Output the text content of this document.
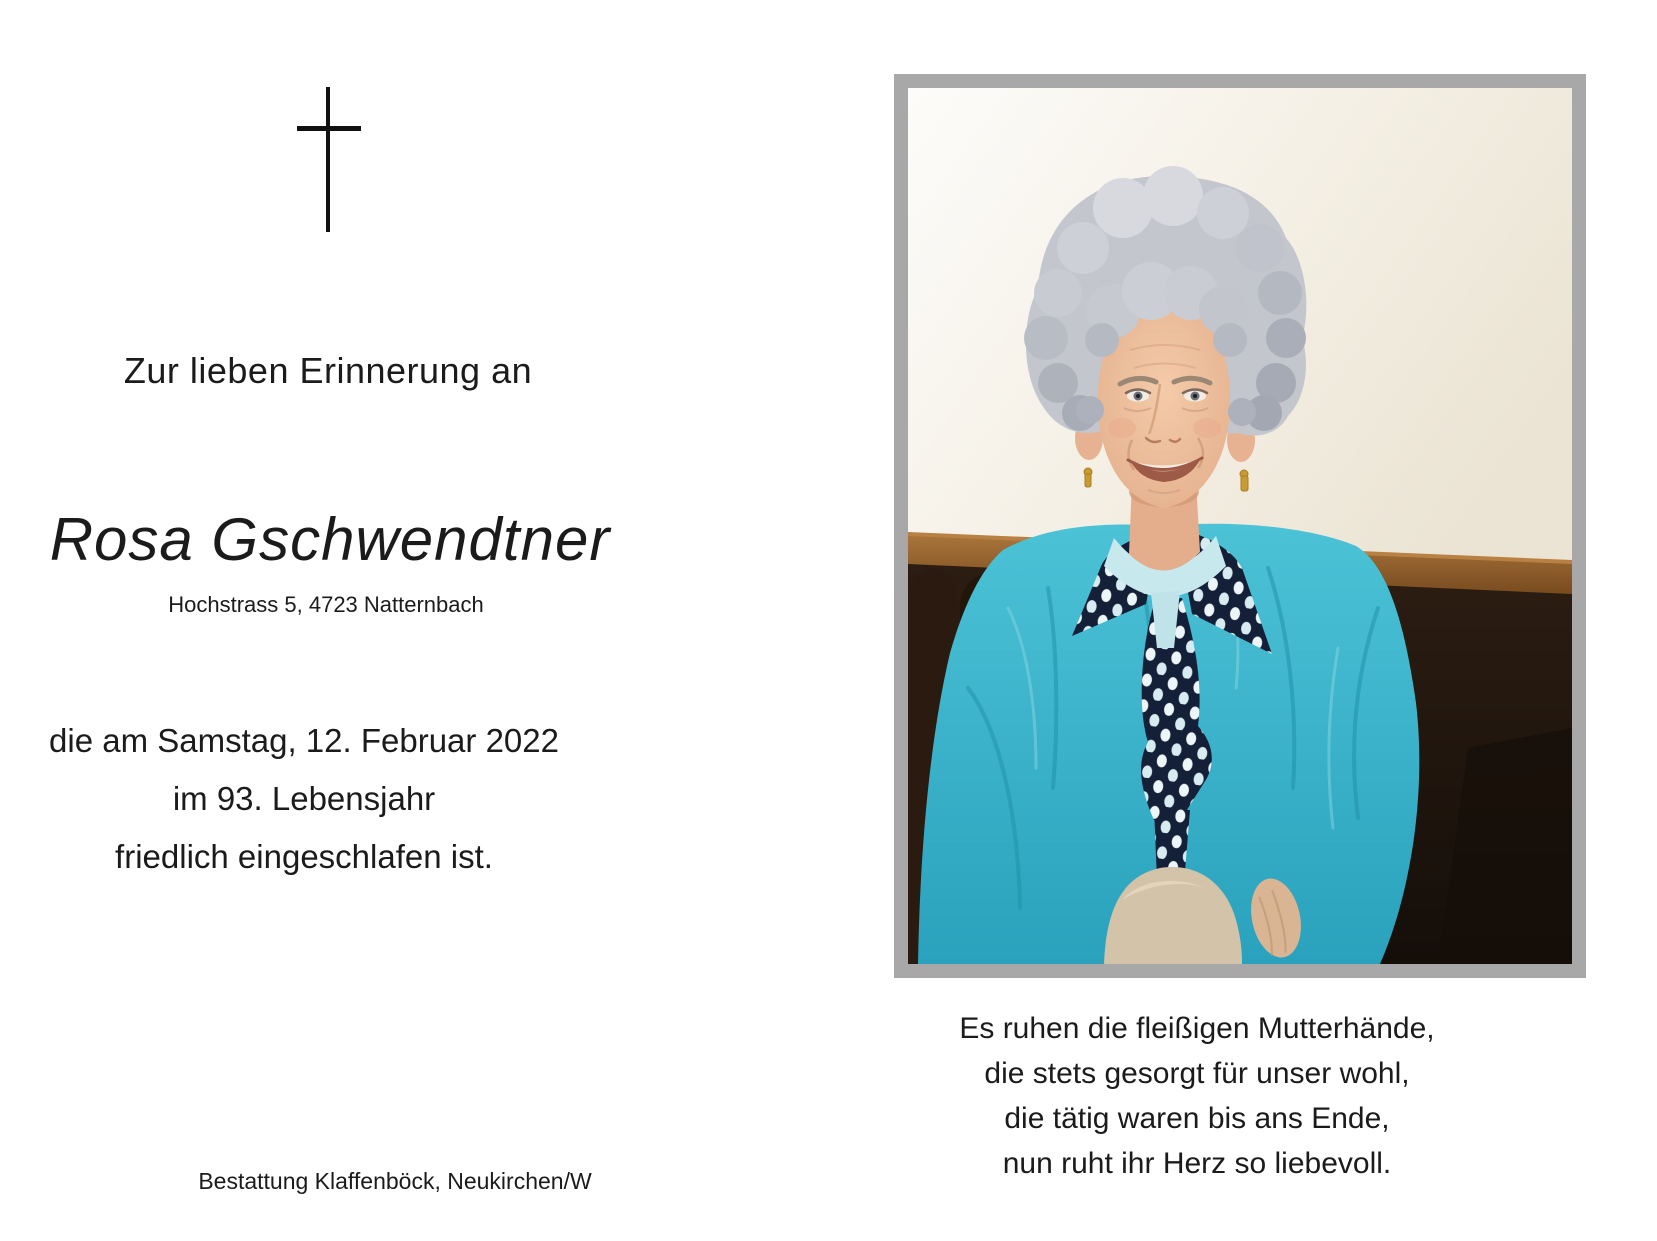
Zur lieben Erinnerung an
Rosa Gschwendtner
Hochstrass 5, 4723 Natternbach
die am Samstag, 12. Februar 2022
im 93. Lebensjahr
friedlich eingeschlafen ist.
Bestattung Klaffenböck, Neukirchen/W
Es ruhen die fleißigen Mutterhände,
die stets gesorgt für unser wohl,
die tätig waren bis ans Ende,
nun ruht ihr Herz so liebevoll.
